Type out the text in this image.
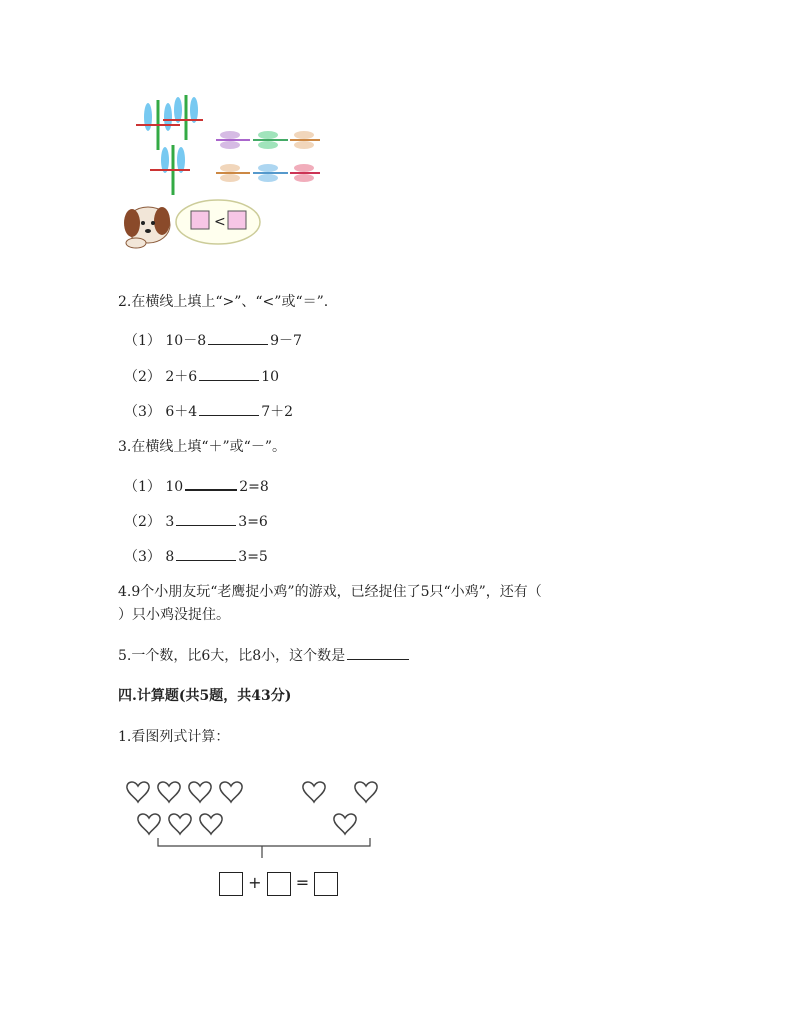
<
2.在横线上填上“>”、“<”或“＝”.
（1） 10－8	9－7
（2） 2＋6	10
（3） 6＋4	7＋2
3.在横线上填“＋”或“－”。
（1） 10	2=8
（2） 3	3=6
（3） 8	3=5
4.9个小朋友玩“老鹰捉小鸡”的游戏，已经捉住了5只“小鸡”，还有（
）只小鸡没捉住。
5.一个数，比6大，比8小，这个数是
四.计算题(共5题，共43分)
1.看图列式计算：
+ =
